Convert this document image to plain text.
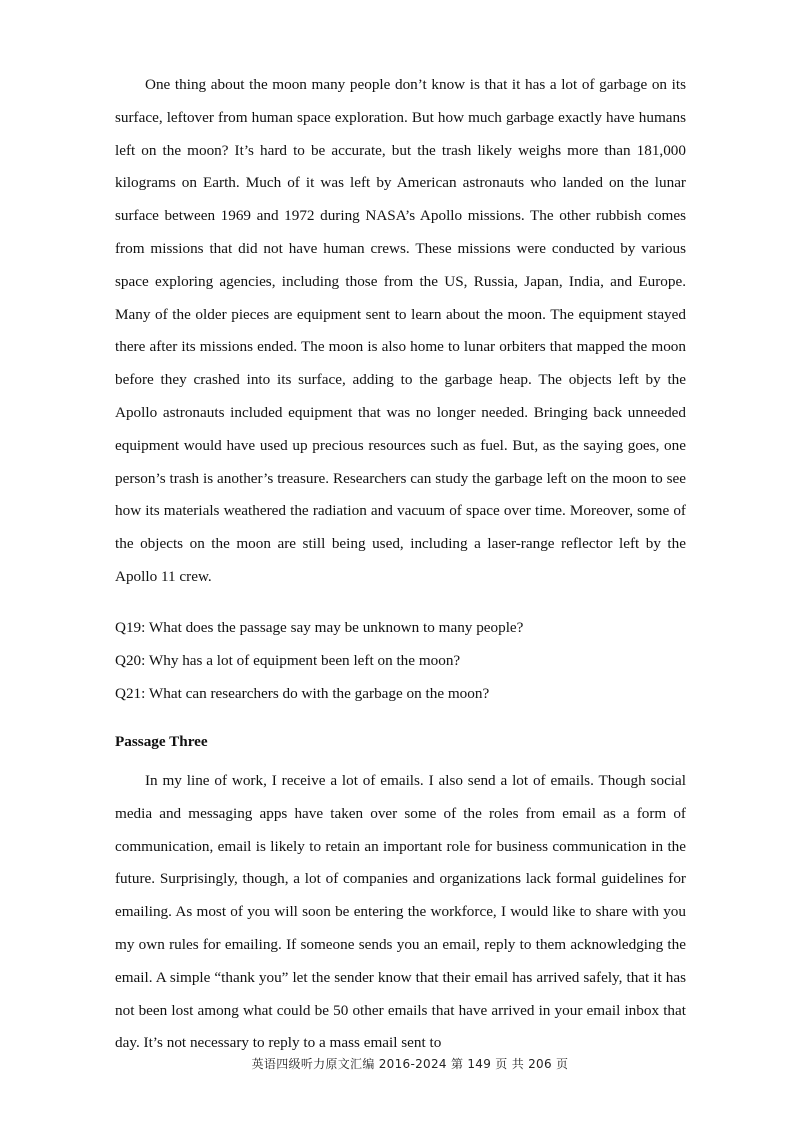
One thing about the moon many people don’t know is that it has a lot of garbage on its surface, leftover from human space exploration. But how much garbage exactly have humans left on the moon? It’s hard to be accurate, but the trash likely weighs more than 181,000 kilograms on Earth. Much of it was left by American astronauts who landed on the lunar surface between 1969 and 1972 during NASA’s Apollo missions. The other rubbish comes from missions that did not have human crews. These missions were conducted by various space exploring agencies, including those from the US, Russia, Japan, India, and Europe. Many of the older pieces are equipment sent to learn about the moon. The equipment stayed there after its missions ended. The moon is also home to lunar orbiters that mapped the moon before they crashed into its surface, adding to the garbage heap. The objects left by the Apollo astronauts included equipment that was no longer needed. Bringing back unneeded equipment would have used up precious resources such as fuel. But, as the saying goes, one person’s trash is another’s treasure. Researchers can study the garbage left on the moon to see how its materials weathered the radiation and vacuum of space over time. Moreover, some of the objects on the moon are still being used, including a laser-range reflector left by the Apollo 11 crew.

Q19: What does the passage say may be unknown to many people?

Q20: Why has a lot of equipment been left on the moon?

Q21: What can researchers do with the garbage on the moon?

Passage Three

In my line of work, I receive a lot of emails. I also send a lot of emails. Though social media and messaging apps have taken over some of the roles from email as a form of communication, email is likely to retain an important role for business communication in the future. Surprisingly, though, a lot of companies and organizations lack formal guidelines for emailing. As most of you will soon be entering the workforce, I would like to share with you my own rules for emailing. If someone sends you an email, reply to them acknowledging the email. A simple “thank you” let the sender know that their email has arrived safely, that it has not been lost among what could be 50 other emails that have arrived in your email inbox that day. It’s not necessary to reply to a mass email sent to

英语四级听力原文汇编 2016-2024 第 149 页 共 206 页
